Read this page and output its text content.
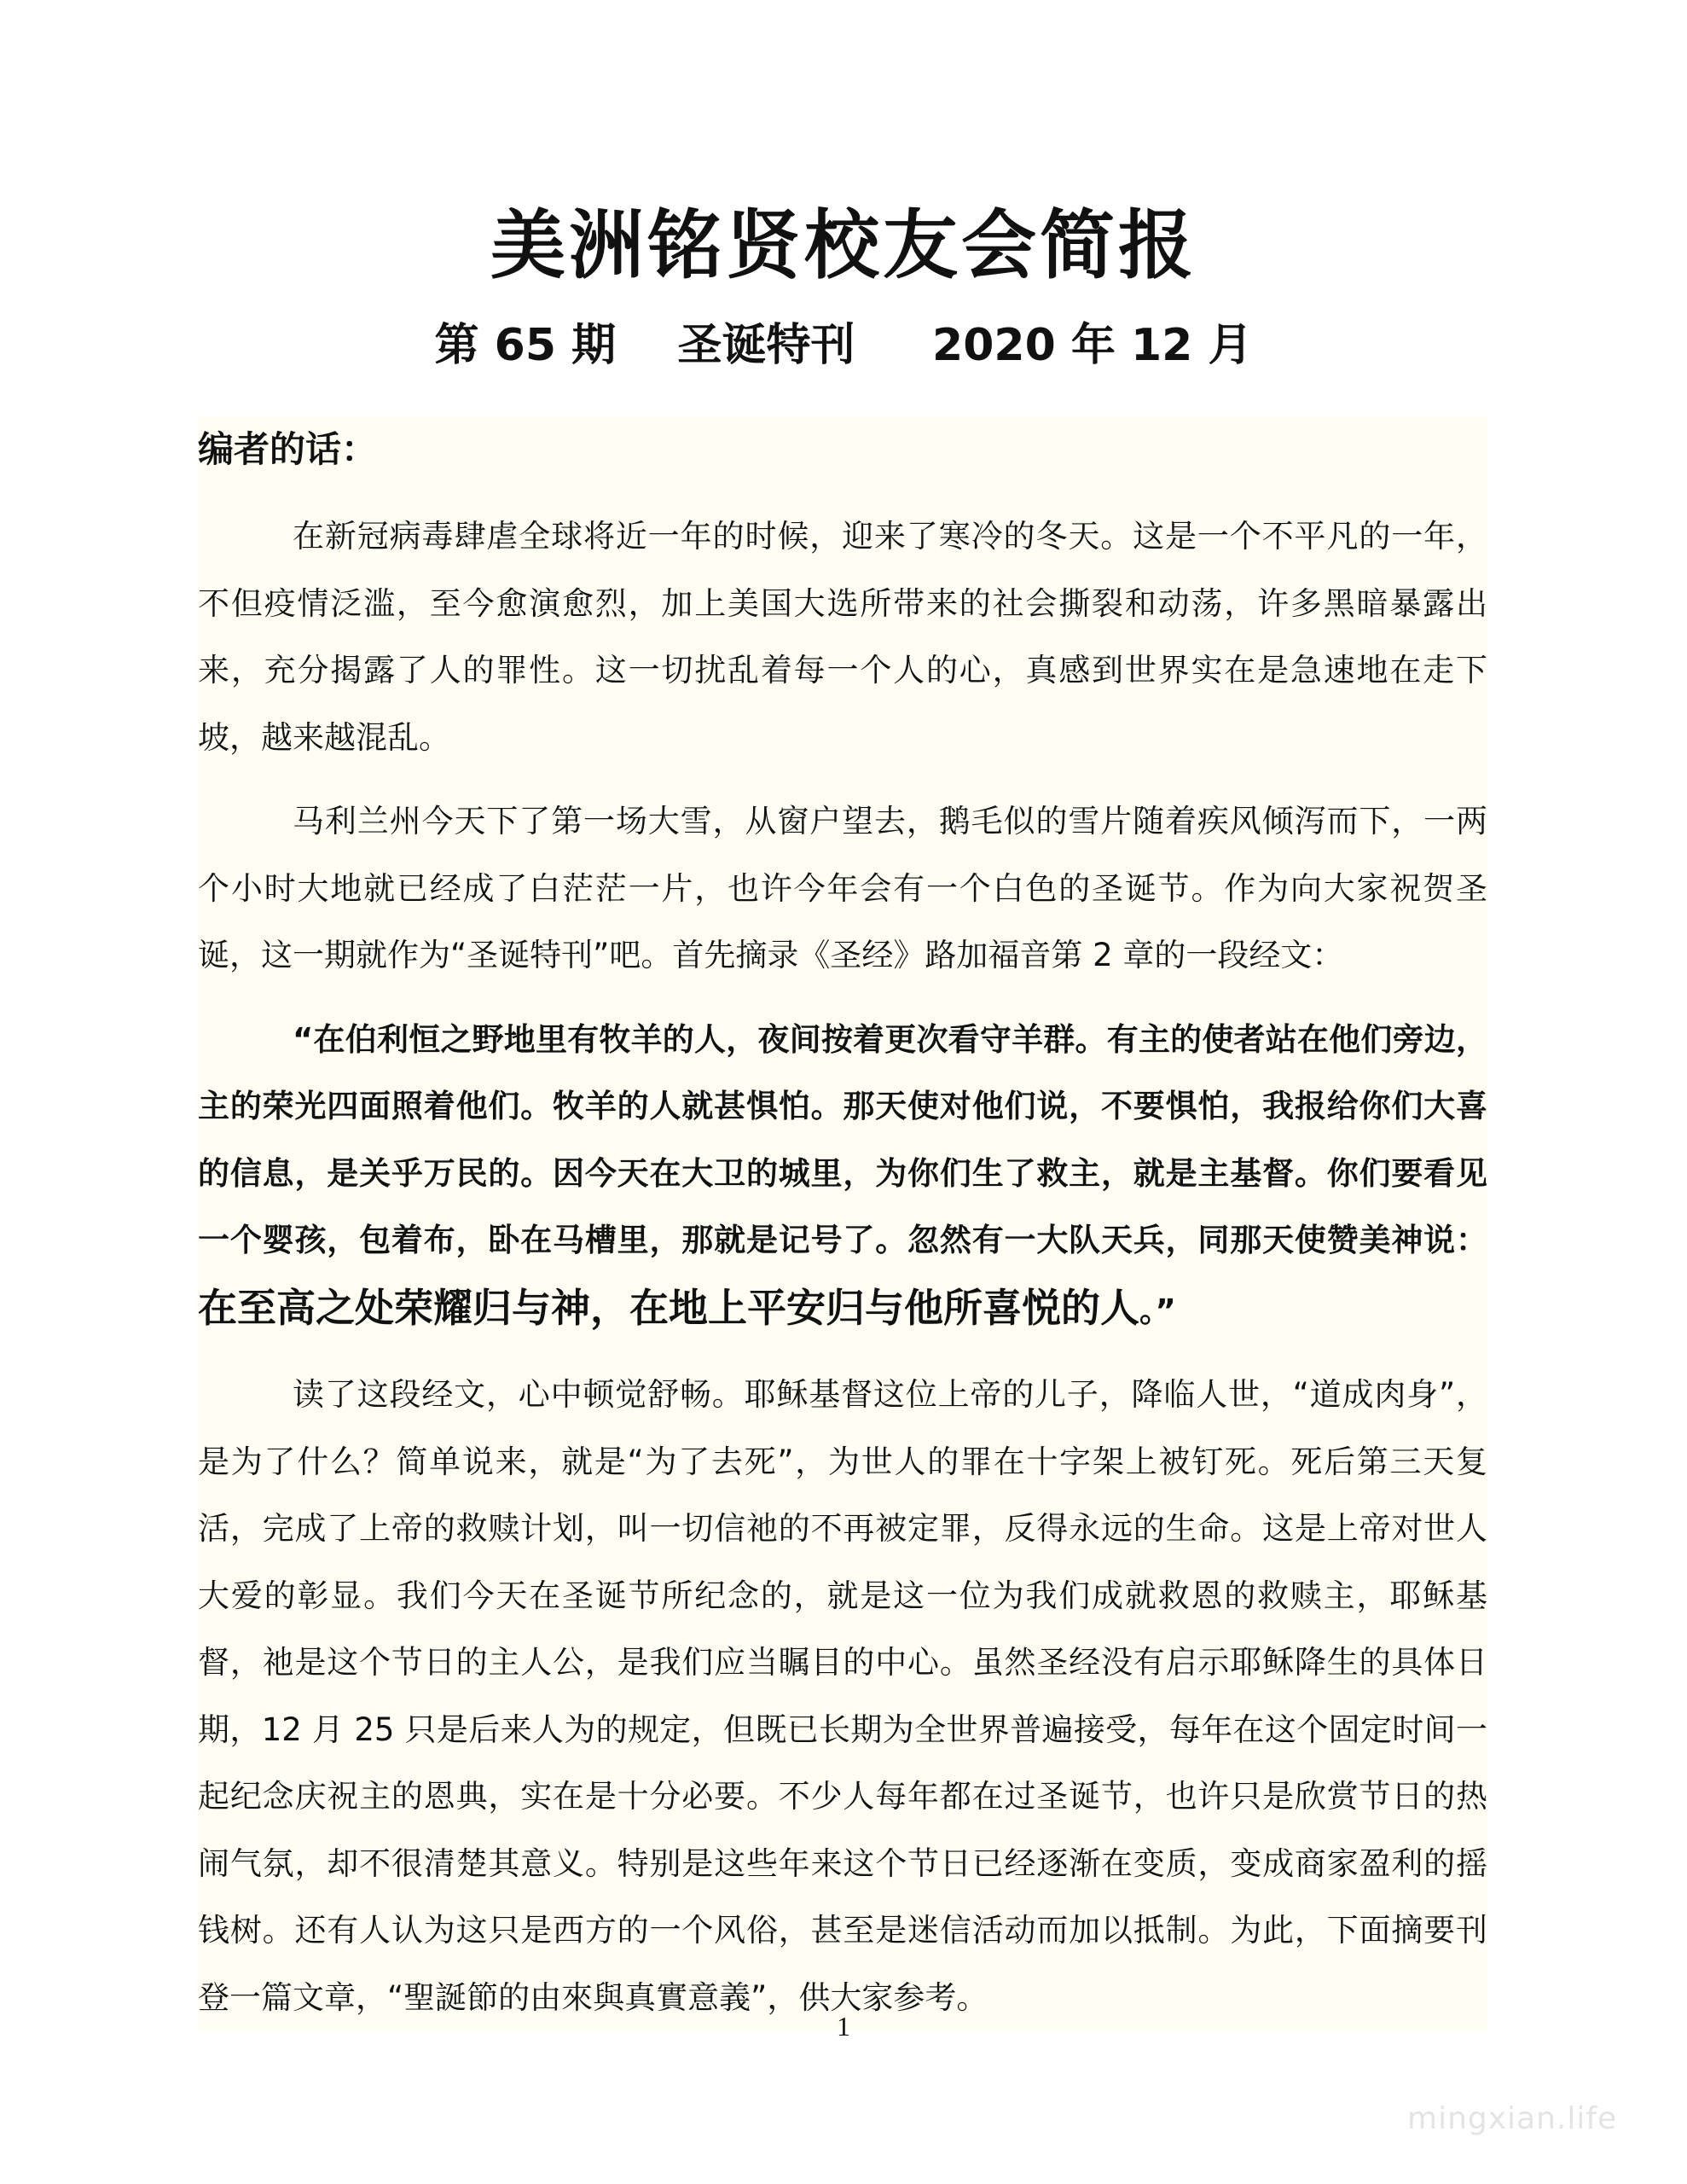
美洲铭贤校友会简报
第 65 期    圣诞特刊     2020 年 12 月
编者的话：

在新冠病毒肆虐全球将近一年的时候，迎来了寒冷的冬天。这是一个不平凡的一年，不但疫情泛滥，至今愈演愈烈，加上美国大选所带来的社会撕裂和动荡，许多黑暗暴露出来，充分揭露了人的罪性。这一切扰乱着每一个人的心，真感到世界实在是急速地在走下坡，越来越混乱。

马利兰州今天下了第一场大雪，从窗户望去，鹅毛似的雪片随着疾风倾泻而下，一两个小时大地就已经成了白茫茫一片，也许今年会有一个白色的圣诞节。作为向大家祝贺圣诞，这一期就作为“圣诞特刊”吧。首先摘录《圣经》路加福音第 2 章的一段经文：

“在伯利恒之野地里有牧羊的人，夜间按着更次看守羊群。有主的使者站在他们旁边，主的荣光四面照着他们。牧羊的人就甚惧怕。那天使对他们说，不要惧怕，我报给你们大喜的信息，是关乎万民的。因今天在大卫的城里，为你们生了救主，就是主基督。你们要看见一个婴孩，包着布，卧在马槽里，那就是记号了。忽然有一大队天兵，同那天使赞美神说：在至高之处荣耀归与神，在地上平安归与他所喜悦的人。”

读了这段经文，心中顿觉舒畅。耶稣基督这位上帝的儿子，降临人世，“道成肉身”，是为了什么？简单说来，就是“为了去死”，为世人的罪在十字架上被钉死。死后第三天复活，完成了上帝的救赎计划，叫一切信祂的不再被定罪，反得永远的生命。这是上帝对世人大爱的彰显。我们今天在圣诞节所纪念的，就是这一位为我们成就救恩的救赎主，耶稣基督，祂是这个节日的主人公，是我们应当瞩目的中心。虽然圣经没有启示耶稣降生的具体日期，12 月 25 只是后来人为的规定，但既已长期为全世界普遍接受，每年在这个固定时间一起纪念庆祝主的恩典，实在是十分必要。不少人每年都在过圣诞节，也许只是欣赏节日的热闹气氛，却不很清楚其意义。特别是这些年来这个节日已经逐渐在变质，变成商家盈利的摇钱树。还有人认为这只是西方的一个风俗，甚至是迷信活动而加以抵制。为此，下面摘要刊登一篇文章，“聖誕節的由來與真實意義”，供大家参考。

1
mingxian.life
